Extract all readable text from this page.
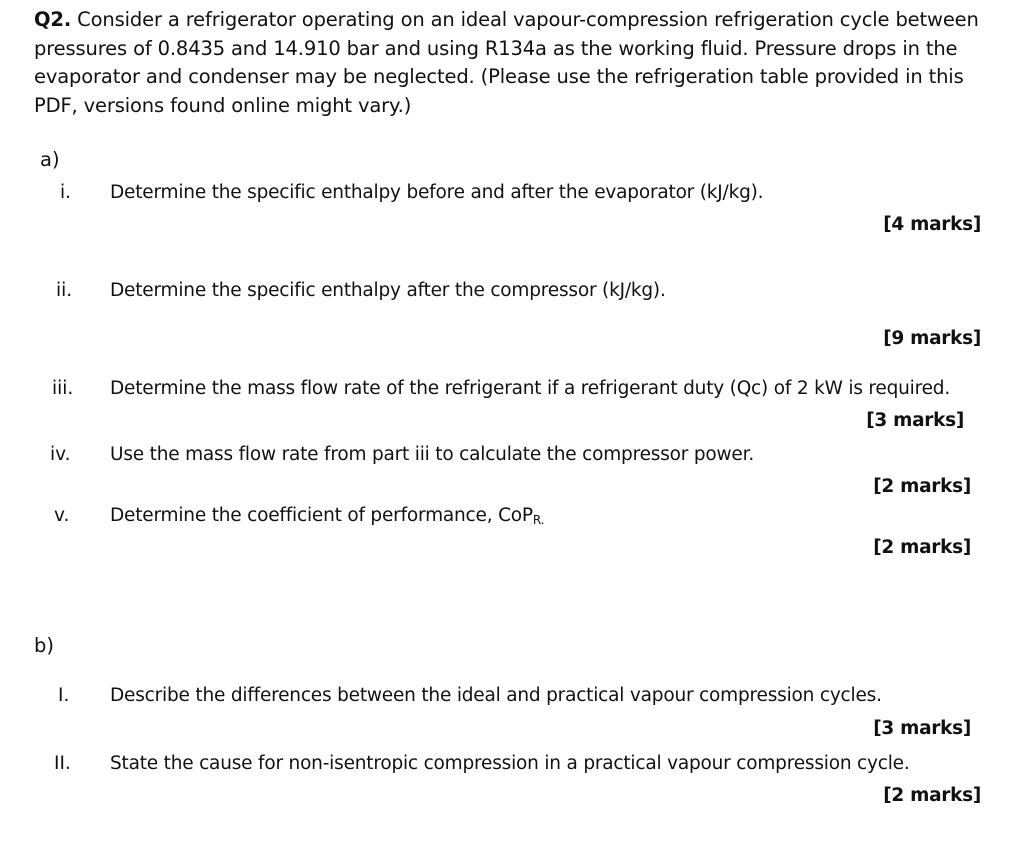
Q2. Consider a refrigerator operating on an ideal vapour-compression refrigeration cycle between pressures of 0.8435 and 14.910 bar and using R134a as the working fluid. Pressure drops in the evaporator and condenser may be neglected. (Please use the refrigeration table provided in this PDF, versions found online might vary.)
a)
i. Determine the specific enthalpy before and after the evaporator (kJ/kg).
[4 marks]
ii. Determine the specific enthalpy after the compressor (kJ/kg).
[9 marks]
iii. Determine the mass flow rate of the refrigerant if a refrigerant duty (Qc) of 2 kW is required.
[3 marks]
iv. Use the mass flow rate from part iii to calculate the compressor power.
[2 marks]
v. Determine the coefficient of performance, CoP$_{R.}$
[2 marks]
b)
I. Describe the differences between the ideal and practical vapour compression cycles.
[3 marks]
II. State the cause for non-isentropic compression in a practical vapour compression cycle.
[2 marks]
